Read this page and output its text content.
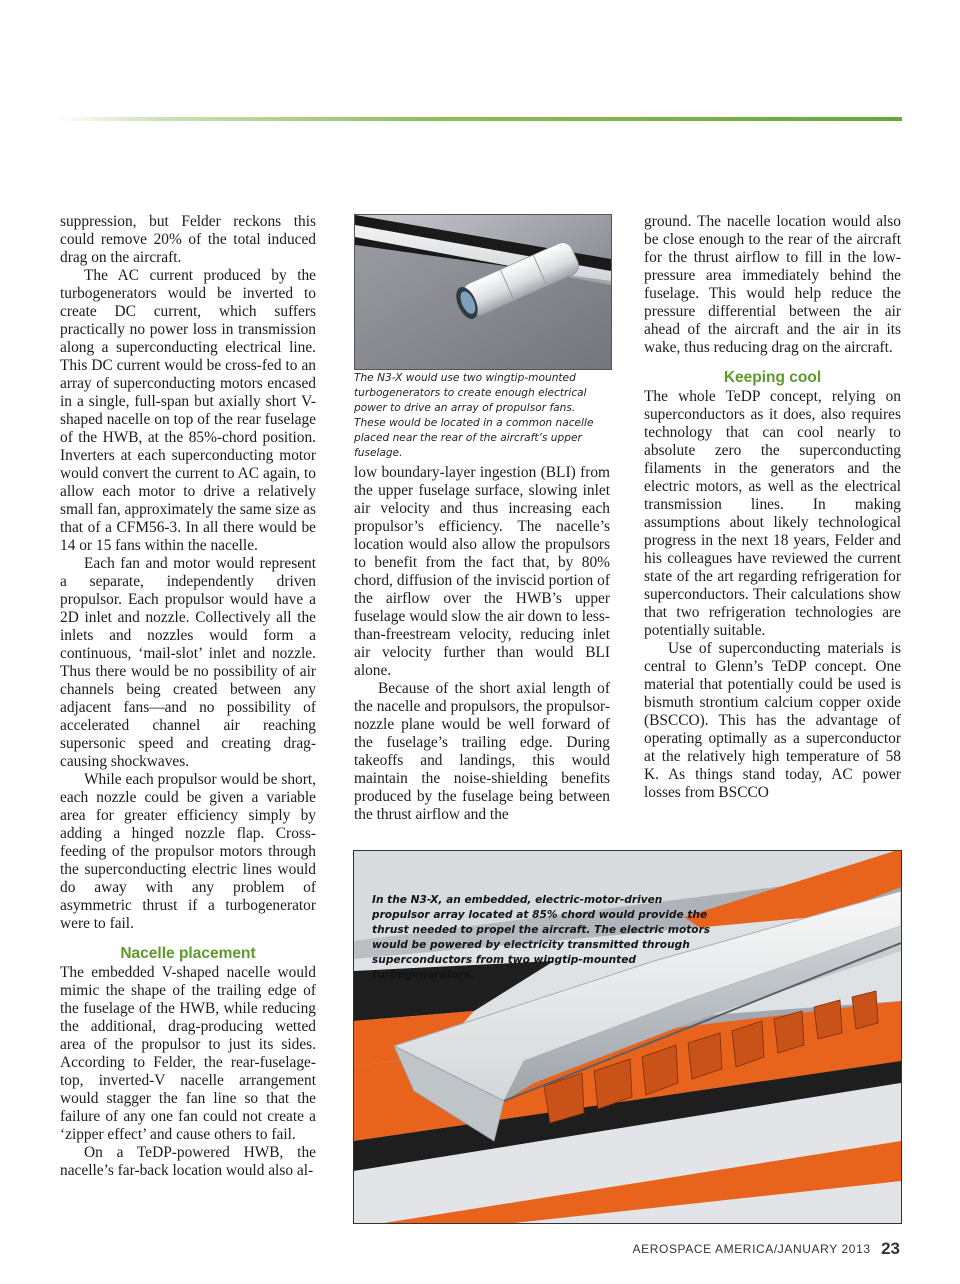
suppression, but Felder reckons this could remove 20% of the total induced drag on the aircraft.

The AC current produced by the turbogenerators would be inverted to create DC current, which suffers practically no power loss in transmission along a superconducting electrical line. This DC current would be cross-fed to an array of superconducting motors encased in a single, full-span but axially short V-shaped nacelle on top of the rear fuselage of the HWB, at the 85%-chord position. Inverters at each superconducting motor would convert the current to AC again, to allow each motor to drive a relatively small fan, approximately the same size as that of a CFM56-3. In all there would be 14 or 15 fans within the nacelle.

Each fan and motor would represent a separate, independently driven propulsor. Each propulsor would have a 2D inlet and nozzle. Collectively all the inlets and nozzles would form a continuous, ‘mail-slot’ inlet and nozzle. Thus there would be no possibility of air channels being created between any adjacent fans—and no possibility of accelerated channel air reaching supersonic speed and creating drag-causing shockwaves.

While each propulsor would be short, each nozzle could be given a variable area for greater efficiency simply by adding a hinged nozzle flap. Cross-feeding of the propulsor motors through the superconducting electric lines would do away with any problem of asymmetric thrust if a turbogenerator were to fail.

Nacelle placement

The embedded V-shaped nacelle would mimic the shape of the trailing edge of the fuselage of the HWB, while reducing the additional, drag-producing wetted area of the propulsor to just its sides. According to Felder, the rear-fuselage-top, inverted-V nacelle arrangement would stagger the fan line so that the failure of any one fan could not create a ‘zipper effect’ and cause others to fail.

On a TeDP-powered HWB, the nacelle’s far-back location would also al-

The N3-X would use two wingtip-mounted turbogenerators to create enough electrical power to drive an array of propulsor fans. These would be located in a common nacelle placed near the rear of the aircraft’s upper fuselage.

low boundary-layer ingestion (BLI) from the upper fuselage surface, slowing inlet air velocity and thus increasing each propulsor’s efficiency. The nacelle’s location would also allow the propulsors to benefit from the fact that, by 80% chord, diffusion of the inviscid portion of the airflow over the HWB’s upper fuselage would slow the air down to less-than-freestream velocity, reducing inlet air velocity further than would BLI alone.

Because of the short axial length of the nacelle and propulsors, the propulsor-nozzle plane would be well forward of the fuselage’s trailing edge. During takeoffs and landings, this would maintain the noise-shielding benefits produced by the fuselage being between the thrust airflow and the

ground. The nacelle location would also be close enough to the rear of the aircraft for the thrust airflow to fill in the low-pressure area immediately behind the fuselage. This would help reduce the pressure differential between the air ahead of the aircraft and the air in its wake, thus reducing drag on the aircraft.

Keeping cool

The whole TeDP concept, relying on superconductors as it does, also requires technology that can cool nearly to absolute zero the superconducting filaments in the generators and the electric motors, as well as the electrical transmission lines. In making assumptions about likely technological progress in the next 18 years, Felder and his colleagues have reviewed the current state of the art regarding refrigeration for superconductors. Their calculations show that two refrigeration technologies are potentially suitable.

Use of superconducting materials is central to Glenn’s TeDP concept. One material that potentially could be used is bismuth strontium calcium copper oxide (BSCCO). This has the advantage of operating optimally as a superconductor at the relatively high temperature of 58 K. As things stand today, AC power losses from BSCCO

In the N3-X, an embedded, electric-motor-driven propulsor array located at 85% chord would provide the thrust needed to propel the aircraft. The electric motors would be powered by electricity transmitted through superconductors from two wingtip-mounted turbogenerators.
AEROSPACE AMERICA/JANUARY 2013 23
